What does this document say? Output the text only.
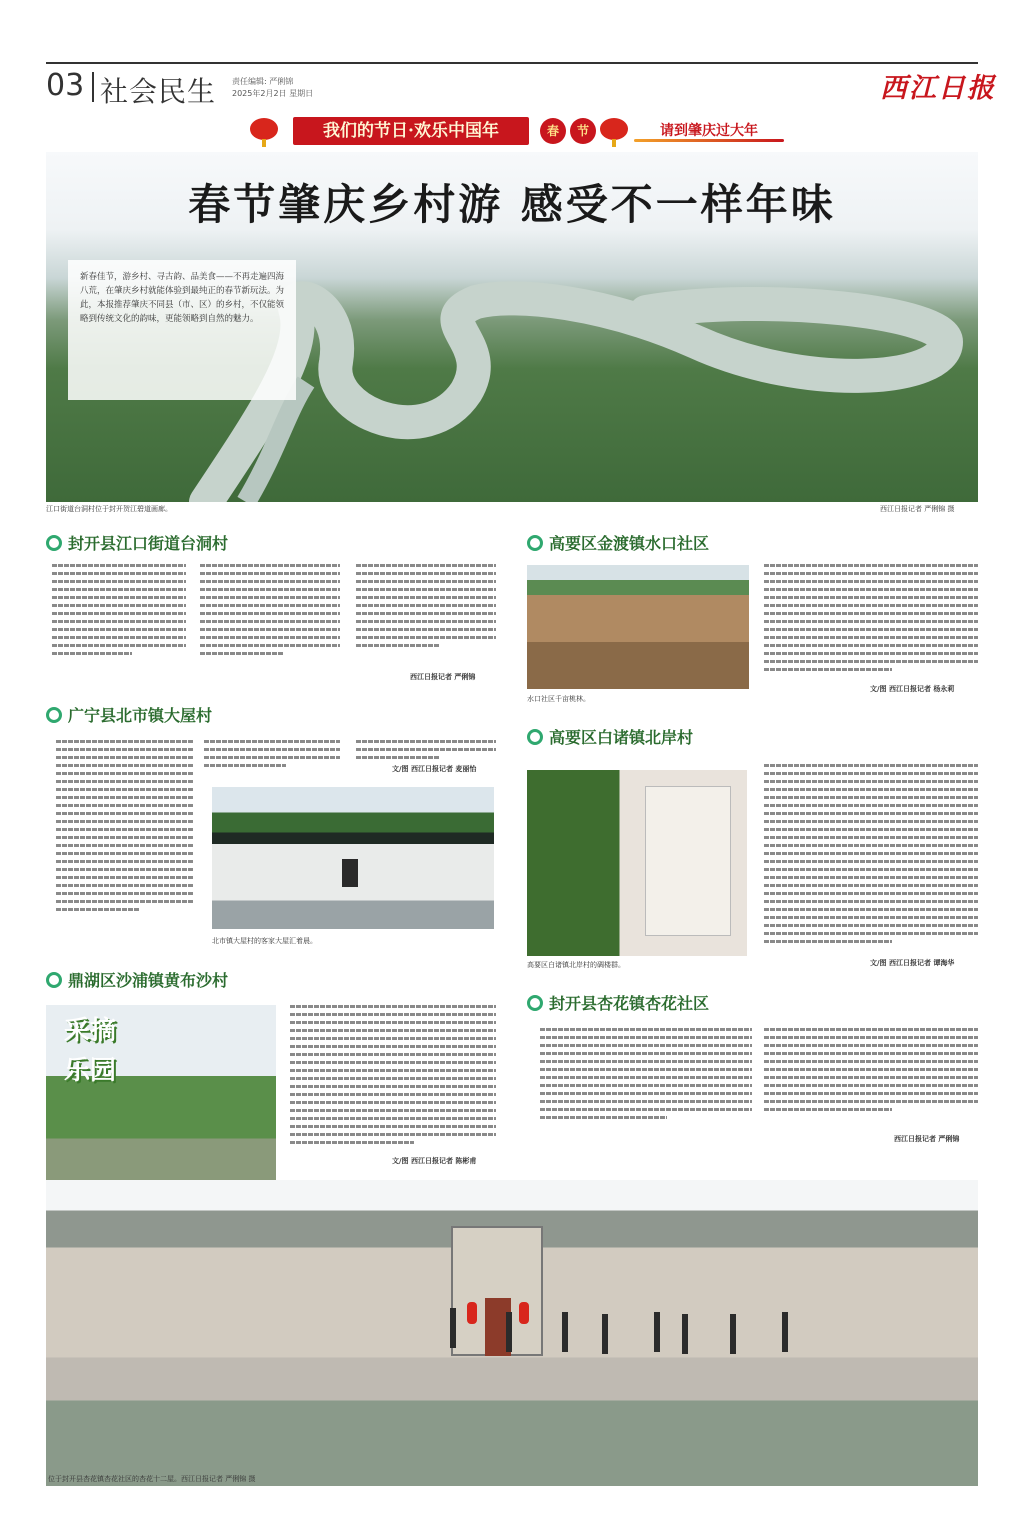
03 社会民生 责任编辑: 严俐锦
2025年2月2日 星期日	西江日报
我们的节日·欢乐中国年	春	节	请到肇庆过大年
春节肇庆乡村游 感受不一样年味
新春佳节，游乡村、寻古韵、品美食——不再走遍四海八荒，在肇庆乡村就能体验到最纯正的春节新玩法。为此，本报推荐肇庆不同县（市、区）的乡村，不仅能领略到传统文化的韵味，更能领略到自然的魅力。
江口街道台洞村位于封开贺江碧道画廊。	西江日报记者 严俐锦 摄
封开县江口街道台洞村
西江日报记者 严俐锦
高要区金渡镇水口社区
水口社区千亩桃林。
文/图 西江日报记者 杨永莉
广宁县北市镇大屋村
文/图 西江日报记者 麦丽怡
北市镇大屋村的客家大屋汇着晨。
高要区白诸镇北岸村
高要区白诸镇北岸村的碉楼群。	文/图 西江日报记者 谭海华
鼎湖区沙浦镇黄布沙村
采摘乐园
文/图 西江日报记者 陈彬甫
封开县杏花镇杏花社区
西江日报记者 严俐锦
位于封开县杏花镇杏花社区的杏花十二屋。西江日报记者 严俐锦 摄
